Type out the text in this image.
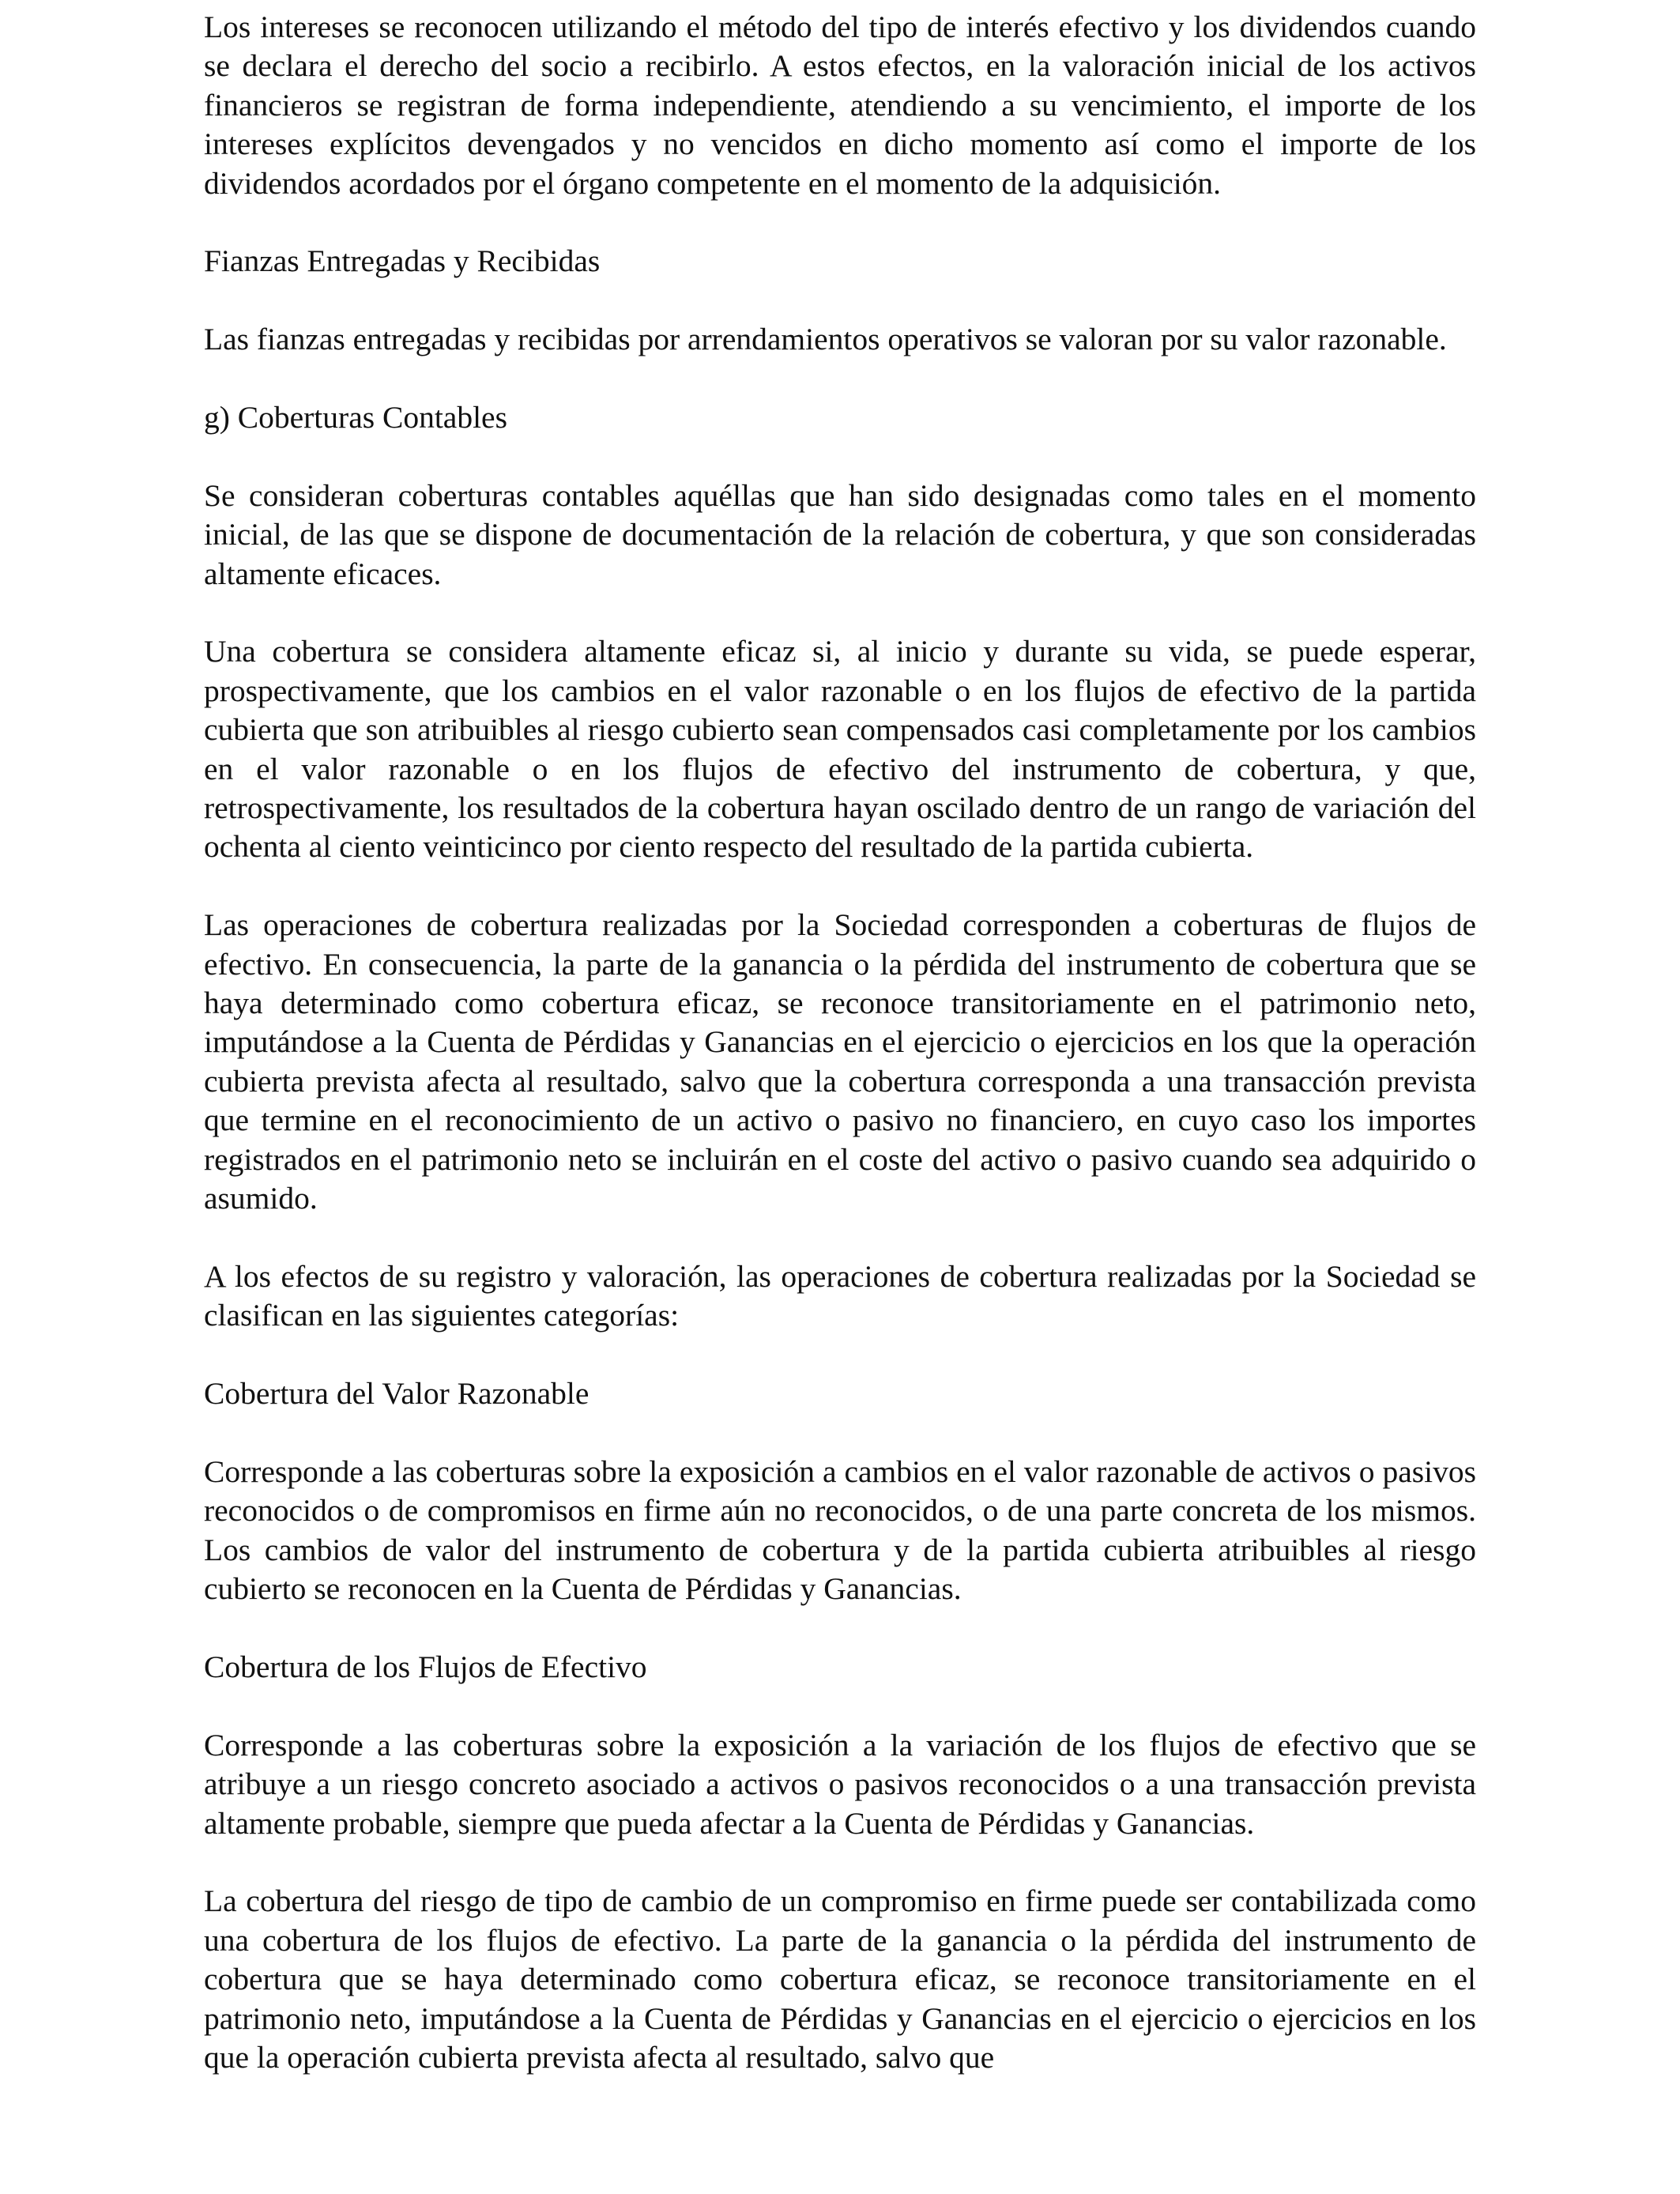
Los intereses se reconocen utilizando el método del tipo de interés efectivo y los dividendos cuando se declara el derecho del socio a recibirlo. A estos efectos, en la valoración inicial de los activos financieros se registran de forma independiente, atendiendo a su vencimiento, el importe de los intereses explícitos devengados y no vencidos en dicho momento así como el importe de los dividendos acordados por el órgano competente en el momento de la adquisición.

Fianzas Entregadas y Recibidas

Las fianzas entregadas y recibidas por arrendamientos operativos se valoran por su valor razonable.

g) Coberturas Contables

Se consideran coberturas contables aquéllas que han sido designadas como tales en el momento inicial, de las que se dispone de documentación de la relación de cobertura, y que son consideradas altamente eficaces.

Una cobertura se considera altamente eficaz si, al inicio y durante su vida, se puede esperar, prospectivamente, que los cambios en el valor razonable o en los flujos de efectivo de la partida cubierta que son atribuibles al riesgo cubierto sean compensados casi completamente por los cambios en el valor razonable o en los flujos de efectivo del instrumento de cobertura, y que, retrospectivamente, los resultados de la cobertura hayan oscilado dentro de un rango de variación del ochenta al ciento veinticinco por ciento respecto del resultado de la partida cubierta.

Las operaciones de cobertura realizadas por la Sociedad corresponden a coberturas de flujos de efectivo. En consecuencia, la parte de la ganancia o la pérdida del instrumento de cobertura que se haya determinado como cobertura eficaz, se reconoce transitoriamente en el patrimonio neto, imputándose a la Cuenta de Pérdidas y Ganancias en el ejercicio o ejercicios en los que la operación cubierta prevista afecta al resultado, salvo que la cobertura corresponda a una transacción prevista que termine en el reconocimiento de un activo o pasivo no financiero, en cuyo caso los importes registrados en el patrimonio neto se incluirán en el coste del activo o pasivo cuando sea adquirido o asumido.

A los efectos de su registro y valoración, las operaciones de cobertura realizadas por la Sociedad se clasifican en las siguientes categorías:

Cobertura del Valor Razonable

Corresponde a las coberturas sobre la exposición a cambios en el valor razonable de activos o pasivos reconocidos o de compromisos en firme aún no reconocidos, o de una parte concreta de los mismos. Los cambios de valor del instrumento de cobertura y de la partida cubierta atribuibles al riesgo cubierto se reconocen en la Cuenta de Pérdidas y Ganancias.

Cobertura de los Flujos de Efectivo

Corresponde a las coberturas sobre la exposición a la variación de los flujos de efectivo que se atribuye a un riesgo concreto asociado a activos o pasivos reconocidos o a una transacción prevista altamente probable, siempre que pueda afectar a la Cuenta de Pérdidas y Ganancias.

La cobertura del riesgo de tipo de cambio de un compromiso en firme puede ser contabilizada como una cobertura de los flujos de efectivo. La parte de la ganancia o la pérdida del instrumento de cobertura que se haya determinado como cobertura eficaz, se reconoce transitoriamente en el patrimonio neto, imputándose a la Cuenta de Pérdidas y Ganancias en el ejercicio o ejercicios en los que la operación cubierta prevista afecta al resultado, salvo que
